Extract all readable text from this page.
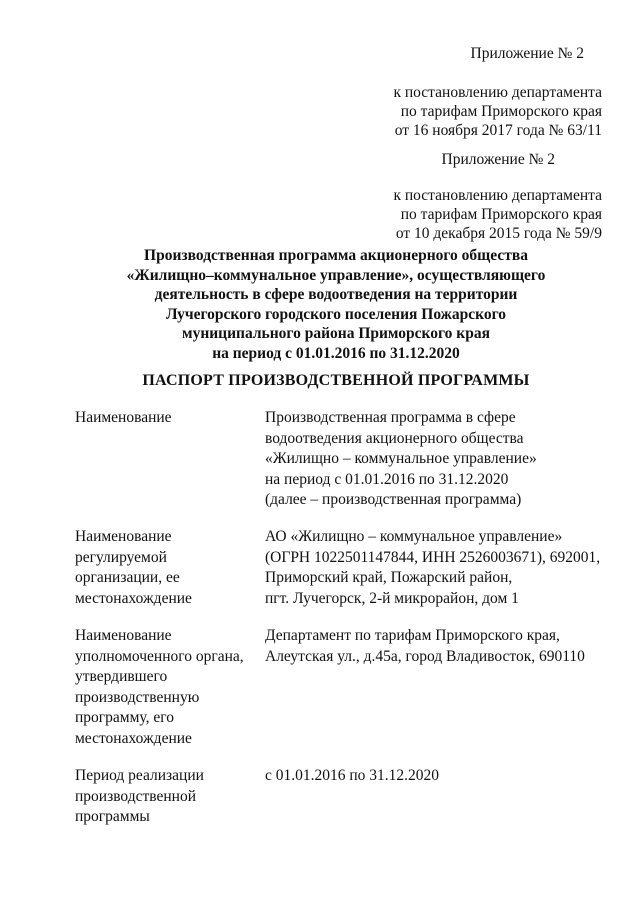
Приложение № 2
к постановлению департамента
по тарифам Приморского края
от 16 ноября 2017 года № 63/11
Приложение № 2
к постановлению департамента
по тарифам Приморского края
от 10 декабря 2015 года № 59/9
Производственная программа акционерного общества
«Жилищно–коммунальное управление», осуществляющего
деятельность в сфере водоотведения на территории
Лучегорского городского поселения Пожарского
муниципального района Приморского края
на период с 01.01.2016 по 31.12.2020
ПАСПОРТ ПРОИЗВОДСТВЕННОЙ ПРОГРАММЫ
Наименование	Производственная программа в сфере
водоотведения акционерного общества
«Жилищно – коммунальное управление»
на период с 01.01.2016 по 31.12.2020
(далее – производственная программа)
Наименование
регулируемой
организации, ее
местонахождение
АО «Жилищно – коммунальное управление»
(ОГРН 1022501147844, ИНН 2526003671), 692001,
Приморский край, Пожарский район,
пгт. Лучегорск, 2-й микрорайон, дом 1
Наименование
уполномоченного органа,
утвердившего
производственную
программу, его
местонахождение
Департамент по тарифам Приморского края,
Алеутская ул., д.45а, город Владивосток, 690110
Период реализации
производственной
программы
с 01.01.2016 по 31.12.2020
